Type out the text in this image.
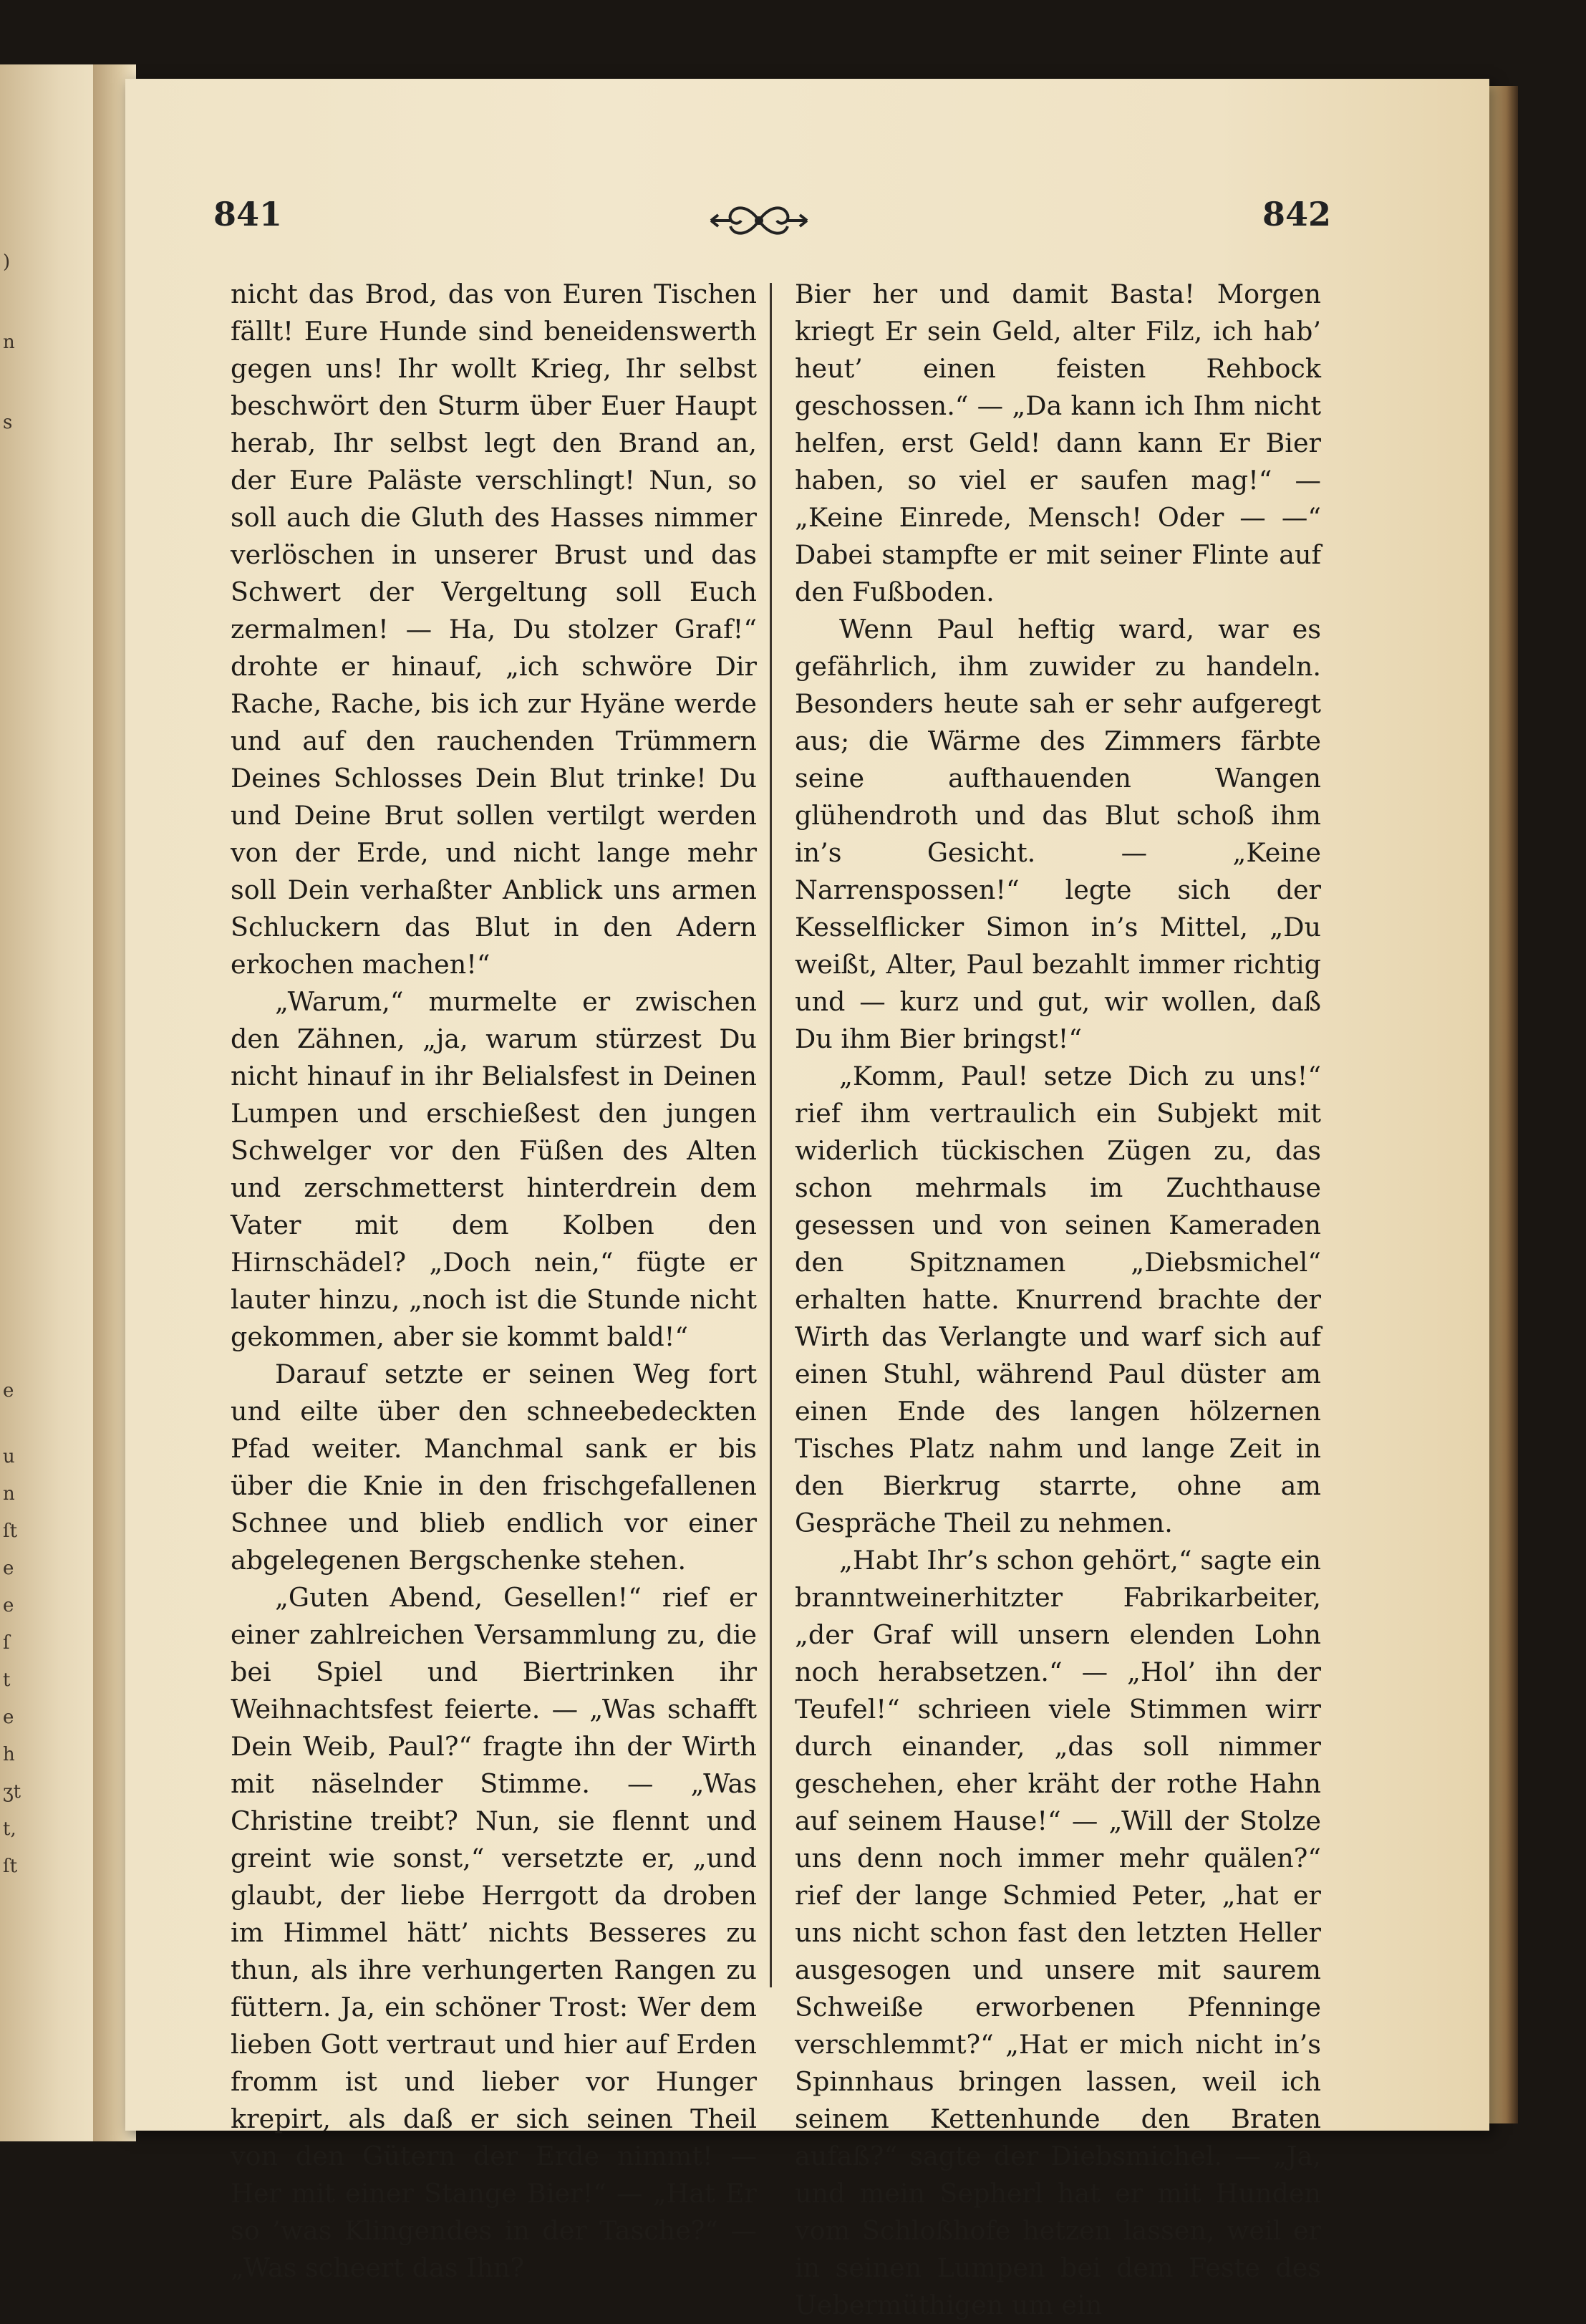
)
n
s
e
u
n
ſt
e
e
ſ
t
e
h
ʒt
t,
ſt
841	842

nicht das Brod, das von Euren Tischen fällt! Eure Hunde sind beneidenswerth gegen uns! Ihr wollt Krieg, Ihr selbst beschwört den Sturm über Euer Haupt herab, Ihr selbst legt den Brand an, der Eure Paläste verschlingt! Nun, so soll auch die Gluth des Hasses nimmer verlöschen in unserer Brust und das Schwert der Vergeltung soll Euch zermalmen! — Ha, Du stolzer Graf!“ drohte er hinauf, „ich schwöre Dir Rache, Rache, bis ich zur Hyäne werde und auf den rauchenden Trümmern Deines Schlosses Dein Blut trinke! Du und Deine Brut sollen vertilgt werden von der Erde, und nicht lange mehr soll Dein verhaßter Anblick uns armen Schluckern das Blut in den Adern erkochen machen!“

„Warum,“ murmelte er zwischen den Zähnen, „ja, warum stürzest Du nicht hinauf in ihr Belialsfest in Deinen Lumpen und erschießest den jungen Schwelger vor den Füßen des Alten und zerschmetterst hinterdrein dem Vater mit dem Kolben den Hirnschädel? „Doch nein,“ fügte er lauter hinzu, „noch ist die Stunde nicht gekommen, aber sie kommt bald!“

Darauf setzte er seinen Weg fort und eilte über den schneebedeckten Pfad weiter. Manchmal sank er bis über die Knie in den frischgefallenen Schnee und blieb endlich vor einer abgelegenen Bergschenke stehen.

„Guten Abend, Gesellen!“ rief er einer zahlreichen Versammlung zu, die bei Spiel und Biertrinken ihr Weihnachtsfest feierte. — „Was schafft Dein Weib, Paul?“ fragte ihn der Wirth mit näselnder Stimme. — „Was Christine treibt? Nun, sie flennt und greint wie sonst,“ versetzte er, „und glaubt, der liebe Herrgott da droben im Himmel hätt’ nichts Besseres zu thun, als ihre verhungerten Rangen zu füttern. Ja, ein schöner Trost: Wer dem lieben Gott vertraut und hier auf Erden fromm ist und lieber vor Hunger krepirt, als daß er sich seinen Theil von den Gütern der Erde nimmt! — Her mit einer Stange Bier!“ — „Hat Er so ’was Klingendes in der Tasche?“ — „Was scheert das Ihn?

Bier her und damit Basta! Morgen kriegt Er sein Geld, alter Filz, ich hab’ heut’ einen feisten Rehbock geschossen.“ — „Da kann ich Ihm nicht helfen, erst Geld! dann kann Er Bier haben, so viel er saufen mag!“ — „Keine Einrede, Mensch! Oder — —“ Dabei stampfte er mit seiner Flinte auf den Fußboden.

Wenn Paul heftig ward, war es gefährlich, ihm zuwider zu handeln. Besonders heute sah er sehr aufgeregt aus; die Wärme des Zimmers färbte seine aufthauenden Wangen glühendroth und das Blut schoß ihm in’s Gesicht. — „Keine Narrenspossen!“ legte sich der Kesselflicker Simon in’s Mittel, „Du weißt, Alter, Paul bezahlt immer richtig und — kurz und gut, wir wollen, daß Du ihm Bier bringst!“

„Komm, Paul! setze Dich zu uns!“ rief ihm vertraulich ein Subjekt mit widerlich tückischen Zügen zu, das schon mehrmals im Zuchthause gesessen und von seinen Kameraden den Spitznamen „Diebsmichel“ erhalten hatte. Knurrend brachte der Wirth das Verlangte und warf sich auf einen Stuhl, während Paul düster am einen Ende des langen hölzernen Tisches Platz nahm und lange Zeit in den Bierkrug starrte, ohne am Gespräche Theil zu nehmen.

„Habt Ihr’s schon gehört,“ sagte ein branntweinerhitzter Fabrikarbeiter, „der Graf will unsern elenden Lohn noch herabsetzen.“ — „Hol’ ihn der Teufel!“ schrieen viele Stimmen wirr durch einander, „das soll nimmer geschehen, eher kräht der rothe Hahn auf seinem Hause!“ — „Will der Stolze uns denn noch immer mehr quälen?“ rief der lange Schmied Peter, „hat er uns nicht schon fast den letzten Heller ausgesogen und unsere mit saurem Schweiße erworbenen Pfenninge verschlemmt?“ „Hat er mich nicht in’s Spinnhaus bringen lassen, weil ich seinem Kettenhunde den Braten aufaß?“ sagte der Diebsmichel. — „Ja, und mein Sepherl hat er mit Hunden vom Schloßhofe hetzen lassen, weil er in seinen Lumpen bei dem Feste des Uebermüthigen um ein
